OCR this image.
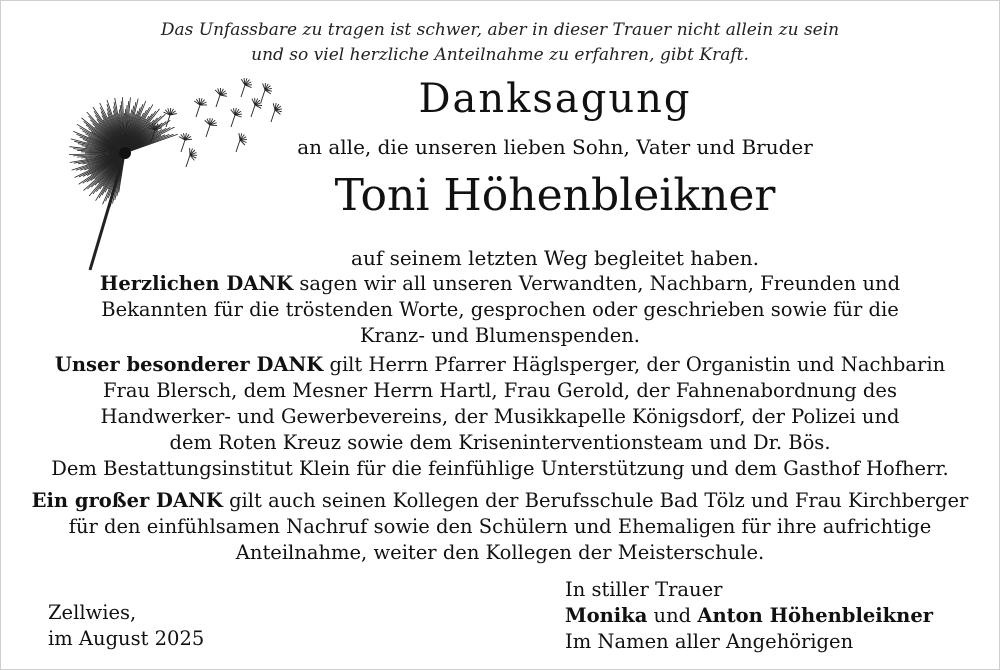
Das Unfassbare zu tragen ist schwer, aber in dieser Trauer nicht allein zu sein
und so viel herzliche Anteilnahme zu erfahren, gibt Kraft.
Danksagung
an alle, die unseren lieben Sohn, Vater und Bruder
Toni Höhenbleikner
auf seinem letzten Weg begleitet haben.
Herzlichen DANK sagen wir all unseren Verwandten, Nachbarn, Freunden und
Bekannten für die tröstenden Worte, gesprochen oder geschrieben sowie für die
Kranz- und Blumenspenden.
Unser besonderer DANK gilt Herrn Pfarrer Häglsperger, der Organistin und Nachbarin
Frau Blersch, dem Mesner Herrn Hartl, Frau Gerold, der Fahnenabordnung des
Handwerker- und Gewerbevereins, der Musikkapelle Königsdorf, der Polizei und
dem Roten Kreuz sowie dem Kriseninterventionsteam und Dr. Bös.
Dem Bestattungsinstitut Klein für die feinfühlige Unterstützung und dem Gasthof Hofherr.
Ein großer DANK gilt auch seinen Kollegen der Berufsschule Bad Tölz und Frau Kirchberger
für den einfühlsamen Nachruf sowie den Schülern und Ehemaligen für ihre aufrichtige
Anteilnahme, weiter den Kollegen der Meisterschule.
Zellwies,
im August 2025
In stiller Trauer
Monika und Anton Höhenbleikner
Im Namen aller Angehörigen
